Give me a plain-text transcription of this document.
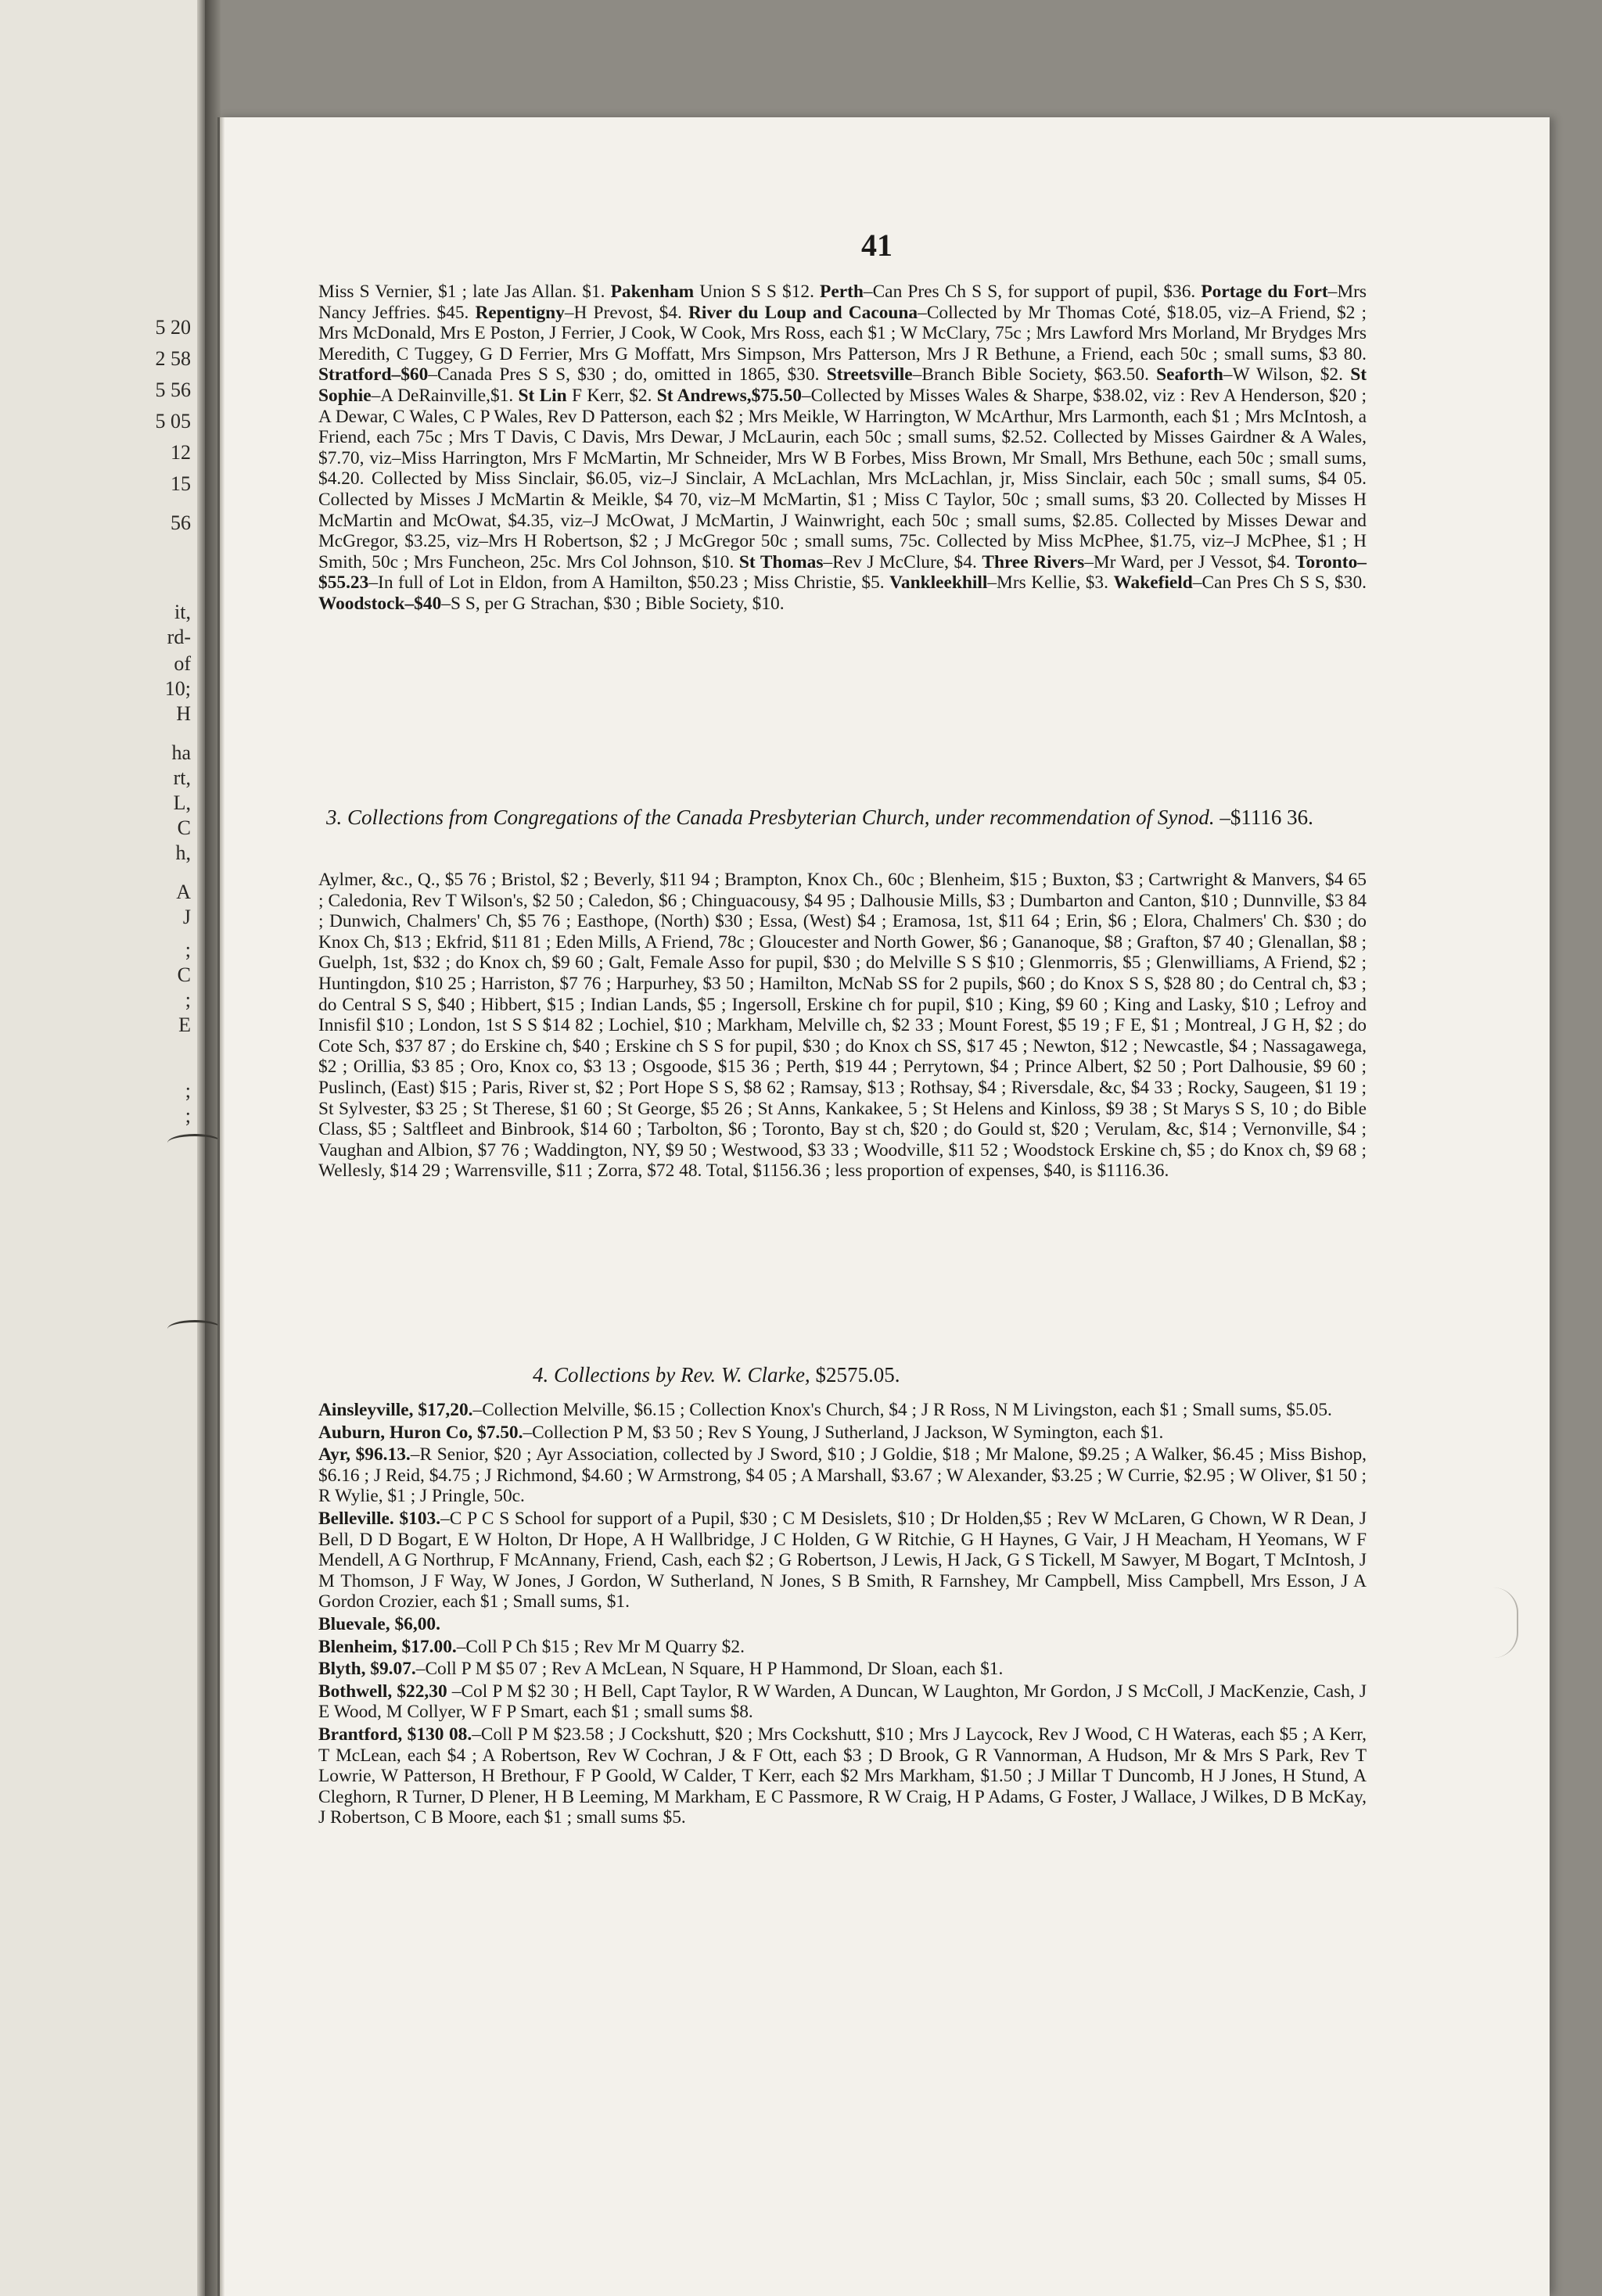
5 20
2 58
5 56
5 05
12
15
56
it,
rd-
of
10;
H
ha
rt,
L,
C
h,
A
J
;
C
;
E
;
;
41
Miss S Vernier, $1 ; late Jas Allan. $1. Pakenham Union S S $12. Perth–Can Pres Ch S S, for support of pupil, $36. Portage du Fort–Mrs Nancy Jeffries. $45. Repentigny–H Prevost, $4. River du Loup and Cacouna–Collected by Mr Thomas Coté, $18.05, viz–A Friend, $2 ; Mrs McDonald, Mrs E Poston, J Ferrier, J Cook, W Cook, Mrs Ross, each $1 ; W McClary, 75c ; Mrs Lawford Mrs Morland, Mr Brydges Mrs Meredith, C Tuggey, G D Ferrier, Mrs G Moffatt, Mrs Simpson, Mrs Patterson, Mrs J R Bethune, a Friend, each 50c ; small sums, $3 80. Stratford–$60–Canada Pres S S, $30 ; do, omitted in 1865, $30. Streetsville–Branch Bible Society, $63.50. Seaforth–W Wilson, $2. St Sophie–A DeRainville,$1. St Lin F Kerr, $2. St Andrews,$75.50–Collected by Misses Wales & Sharpe, $38.02, viz : Rev A Henderson, $20 ; A Dewar, C Wales, C P Wales, Rev D Patterson, each $2 ; Mrs Meikle, W Harrington, W McArthur, Mrs Larmonth, each $1 ; Mrs McIntosh, a Friend, each 75c ; Mrs T Davis, C Davis, Mrs Dewar, J McLaurin, each 50c ; small sums, $2.52. Collected by Misses Gairdner & A Wales, $7.70, viz–Miss Harrington, Mrs F McMartin, Mr Schneider, Mrs W B Forbes, Miss Brown, Mr Small, Mrs Bethune, each 50c ; small sums, $4.20. Collected by Miss Sinclair, $6.05, viz–J Sinclair, A McLachlan, Mrs McLachlan, jr, Miss Sinclair, each 50c ; small sums, $4 05. Collected by Misses J McMartin & Meikle, $4 70, viz–M McMartin, $1 ; Miss C Taylor, 50c ; small sums, $3 20. Collected by Misses H McMartin and McOwat, $4.35, viz–J McOwat, J McMartin, J Wainwright, each 50c ; small sums, $2.85. Collected by Misses Dewar and McGregor, $3.25, viz–Mrs H Robertson, $2 ; J McGregor 50c ; small sums, 75c. Collected by Miss McPhee, $1.75, viz–J McPhee, $1 ; H Smith, 50c ; Mrs Funcheon, 25c. Mrs Col Johnson, $10. St Thomas–Rev J McClure, $4. Three Rivers–Mr Ward, per J Vessot, $4. Toronto–$55.23–In full of Lot in Eldon, from A Hamilton, $50.23 ; Miss Christie, $5. Vankleekhill–Mrs Kellie, $3. Wakefield–Can Pres Ch S S, $30. Woodstock–$40–S S, per G Strachan, $30 ; Bible Society, $10.
3. Collections from Congregations of the Canada Presbyterian Church, under recommendation of Synod. –$1116 36.
Aylmer, &c., Q., $5 76 ; Bristol, $2 ; Beverly, $11 94 ; Brampton, Knox Ch., 60c ; Blenheim, $15 ; Buxton, $3 ; Cartwright & Manvers, $4 65 ; Caledonia, Rev T Wilson's, $2 50 ; Caledon, $6 ; Chinguacousy, $4 95 ; Dalhousie Mills, $3 ; Dumbarton and Canton, $10 ; Dunnville, $3 84 ; Dunwich, Chalmers' Ch, $5 76 ; Easthope, (North) $30 ; Essa, (West) $4 ; Eramosa, 1st, $11 64 ; Erin, $6 ; Elora, Chalmers' Ch. $30 ; do Knox Ch, $13 ; Ekfrid, $11 81 ; Eden Mills, A Friend, 78c ; Gloucester and North Gower, $6 ; Gananoque, $8 ; Grafton, $7 40 ; Glenallan, $8 ; Guelph, 1st, $32 ; do Knox ch, $9 60 ; Galt, Female Asso for pupil, $30 ; do Melville S S $10 ; Glenmorris, $5 ; Glenwilliams, A Friend, $2 ; Huntingdon, $10 25 ; Harriston, $7 76 ; Harpurhey, $3 50 ; Hamilton, McNab SS for 2 pupils, $60 ; do Knox S S, $28 80 ; do Central ch, $3 ; do Central S S, $40 ; Hibbert, $15 ; Indian Lands, $5 ; Ingersoll, Erskine ch for pupil, $10 ; King, $9 60 ; King and Lasky, $10 ; Lefroy and Innisfil $10 ; London, 1st S S $14 82 ; Lochiel, $10 ; Markham, Melville ch, $2 33 ; Mount Forest, $5 19 ; F E, $1 ; Montreal, J G H, $2 ; do Cote Sch, $37 87 ; do Erskine ch, $40 ; Erskine ch S S for pupil, $30 ; do Knox ch SS, $17 45 ; Newton, $12 ; Newcastle, $4 ; Nassagawega, $2 ; Orillia, $3 85 ; Oro, Knox co, $3 13 ; Osgoode, $15 36 ; Perth, $19 44 ; Perrytown, $4 ; Prince Albert, $2 50 ; Port Dalhousie, $9 60 ; Puslinch, (East) $15 ; Paris, River st, $2 ; Port Hope S S, $8 62 ; Ramsay, $13 ; Rothsay, $4 ; Riversdale, &c, $4 33 ; Rocky, Saugeen, $1 19 ; St Sylvester, $3 25 ; St Therese, $1 60 ; St George, $5 26 ; St Anns, Kankakee, 5 ; St Helens and Kinloss, $9 38 ; St Marys S S, 10 ; do Bible Class, $5 ; Saltfleet and Binbrook, $14 60 ; Tarbolton, $6 ; Toronto, Bay st ch, $20 ; do Gould st, $20 ; Verulam, &c, $14 ; Vernonville, $4 ; Vaughan and Albion, $7 76 ; Waddington, NY, $9 50 ; Westwood, $3 33 ; Woodville, $11 52 ; Woodstock Erskine ch, $5 ; do Knox ch, $9 68 ; Wellesly, $14 29 ; Warrensville, $11 ; Zorra, $72 48. Total, $1156.36 ; less proportion of expenses, $40, is $1116.36.
4. Collections by Rev. W. Clarke, $2575.05.
Ainsleyville, $17,20.–Collection Melville, $6.15 ; Collection Knox's Church, $4 ; J R Ross, N M Livingston, each $1 ; Small sums, $5.05.
Auburn, Huron Co, $7.50.–Collection P M, $3 50 ; Rev S Young, J Sutherland, J Jackson, W Symington, each $1.
Ayr, $96.13.–R Senior, $20 ; Ayr Association, collected by J Sword, $10 ; J Goldie, $18 ; Mr Malone, $9.25 ; A Walker, $6.45 ; Miss Bishop, $6.16 ; J Reid, $4.75 ; J Richmond, $4.60 ; W Armstrong, $4 05 ; A Marshall, $3.67 ; W Alexander, $3.25 ; W Currie, $2.95 ; W Oliver, $1 50 ; R Wylie, $1 ; J Pringle, 50c.
Belleville. $103.–C P C S School for support of a Pupil, $30 ; C M Desislets, $10 ; Dr Holden,$5 ; Rev W McLaren, G Chown, W R Dean, J Bell, D D Bogart, E W Holton, Dr Hope, A H Wallbridge, J C Holden, G W Ritchie, G H Haynes, G Vair, J H Meacham, H Yeomans, W F Mendell, A G Northrup, F McAnnany, Friend, Cash, each $2 ; G Robertson, J Lewis, H Jack, G S Tickell, M Sawyer, M Bogart, T McIntosh, J M Thomson, J F Way, W Jones, J Gordon, W Sutherland, N Jones, S B Smith, R Farnshey, Mr Campbell, Miss Campbell, Mrs Esson, J A Gordon Crozier, each $1 ; Small sums, $1.
Bluevale, $6,00.
Blenheim, $17.00.–Coll P Ch $15 ; Rev Mr M Quarry $2.
Blyth, $9.07.–Coll P M $5 07 ; Rev A McLean, N Square, H P Hammond, Dr Sloan, each $1.
Bothwell, $22,30 –Col P M $2 30 ; H Bell, Capt Taylor, R W Warden, A Duncan, W Laughton, Mr Gordon, J S McColl, J MacKenzie, Cash, J E Wood, M Collyer, W F P Smart, each $1 ; small sums $8.
Brantford, $130 08.–Coll P M $23.58 ; J Cockshutt, $20 ; Mrs Cockshutt, $10 ; Mrs J Laycock, Rev J Wood, C H Wateras, each $5 ; A Kerr, T McLean, each $4 ; A Robertson, Rev W Cochran, J & F Ott, each $3 ; D Brook, G R Vannorman, A Hudson, Mr & Mrs S Park, Rev T Lowrie, W Patterson, H Brethour, F P Goold, W Calder, T Kerr, each $2 Mrs Markham, $1.50 ; J Millar T Duncomb, H J Jones, H Stund, A Cleghorn, R Turner, D Plener, H B Leeming, M Markham, E C Passmore, R W Craig, H P Adams, G Foster, J Wallace, J Wilkes, D B McKay, J Robertson, C B Moore, each $1 ; small sums $5.
